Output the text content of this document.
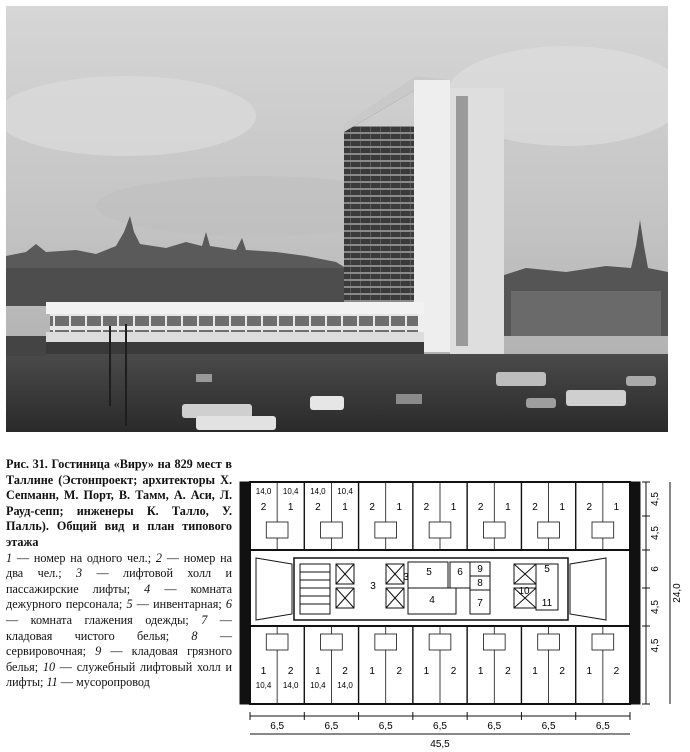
Рис. 31. Гостиница «Виру» на 829 мест в Таллине (Эстонпроект; архитекторы Х. Сепманн, М. Порт, В. Тамм, А. Аси, Л. Рауд-сепп; инженеры К. Талло, У. Палль). Общий вид и план типового этажа
1 — номер на одного чел.; 2 — номер на два чел.; 3 — лифтовой холл и пассажирские лифты; 4 — комната дежурного персонала; 5 — инвентарная; 6 — комната глажения одежды; 7 — кладовая чистого белья; 8 — сервировочная; 9 — кладовая грязного белья; 10 — служебный лифтовый холл и лифты; 11 — мусоропровод
2 1 2 1 2 1 2 1 2 1 2 1 2 1
1 2 1 2 1 2 1 2 1 2 1 2 1 2
14,0 10,4 14,0 10,4
10,4 14,0 10,4 14,0
3
3 5	6 9
8
4	7
10
5
11
6,5	6,5	6,5	6,5	6,5	6,5	6,5
45,5
4,5
4,5
6
4,5
4,5
24,0
